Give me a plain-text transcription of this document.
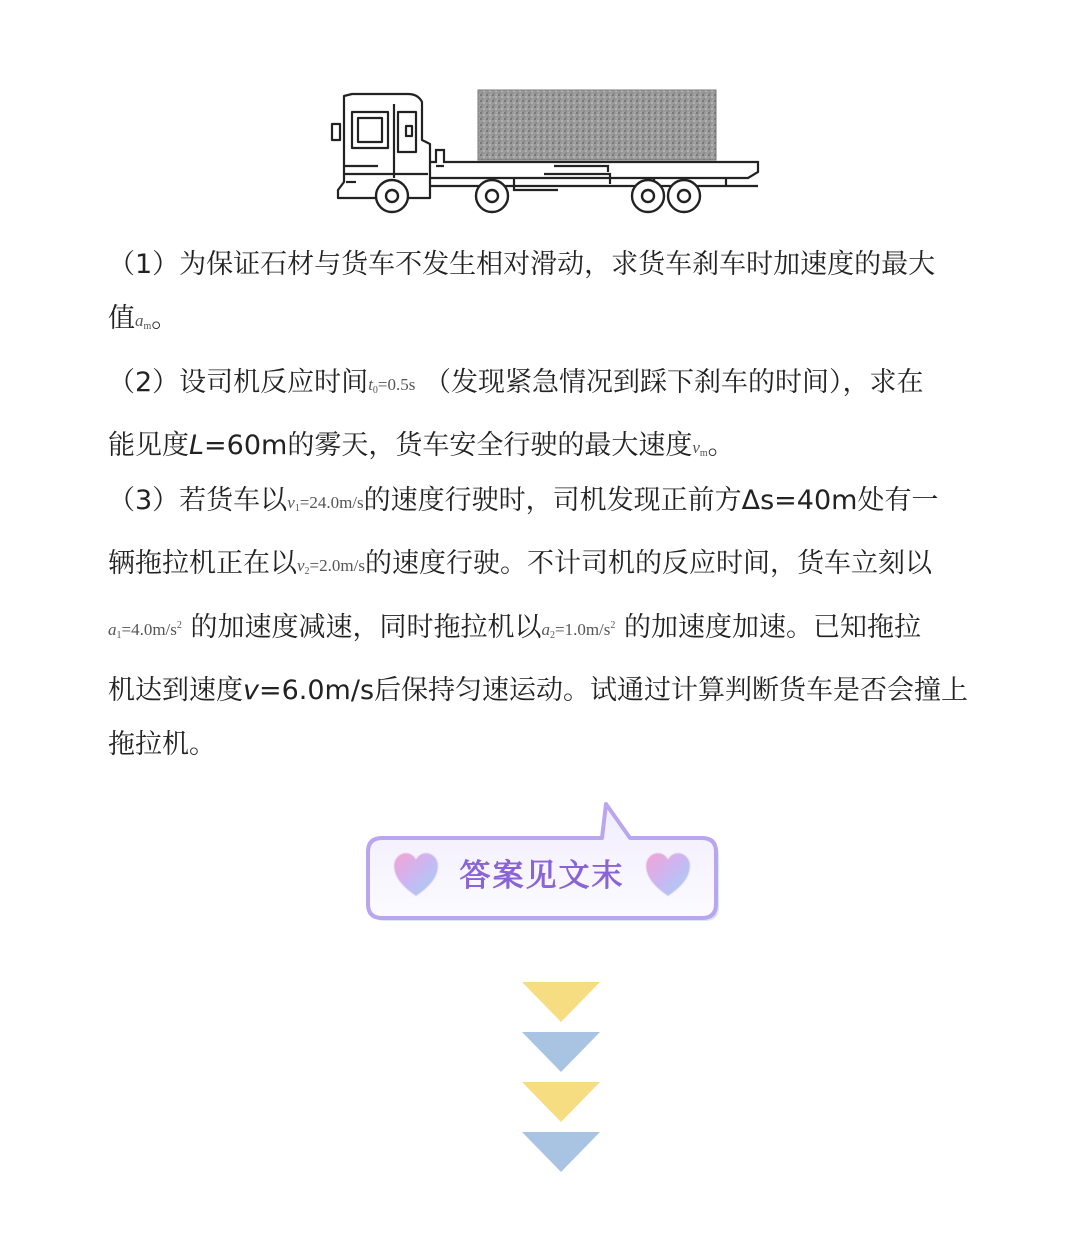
（1）为保证石材与货车不发生相对滑动，求货车刹车时加速度的最大
值$a_m$。
（2）设司机反应时间$t_0=0.5s$ （发现紧急情况到踩下刹车的时间），求在
能见度L=60m的雾天，货车安全行驶的最大速度$v_m$。
（3）若货车以$v_1=24.0m/s$的速度行驶时，司机发现正前方Δs=40m处有一
辆拖拉机正在以$v_2=2.0m/s$的速度行驶。不计司机的反应时间，货车立刻以
$a_1=4.0m/s^2$ 的加速度减速，同时拖拉机以$a_2=1.0m/s^2$ 的加速度加速。已知拖拉
机达到速度v=6.0m/s后保持匀速运动。试通过计算判断货车是否会撞上
拖拉机。
答案见文末
